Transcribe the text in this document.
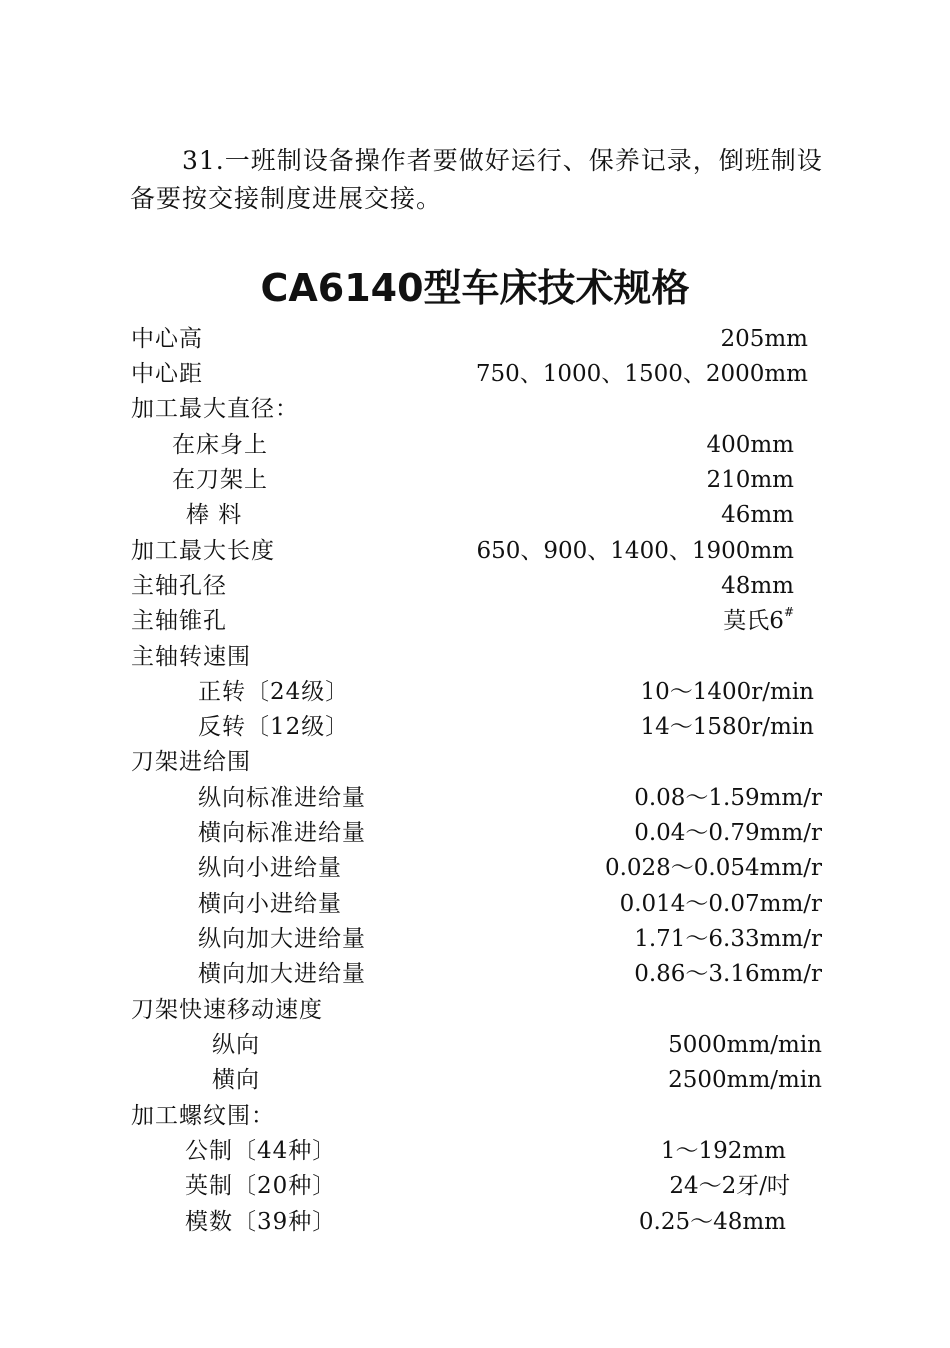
31.一班制设备操作者要做好运行、保养记录，倒班制设备要按交接制度进展交接。

CA6140型车床技术规格
中心高	205mm
中心距	750、1000、1500、2000mm
加工最大直径：
在床身上	400mm
在刀架上	210mm
棒 料	46mm
加工最大长度	650、900、1400、1900mm
主轴孔径	48mm
主轴锥孔	莫氏6#
主轴转速围
正转〔24级〕	10～1400r/min
反转〔12级〕	14～1580r/min
刀架进给围
纵向标准进给量	0.08～1.59mm/r
横向标准进给量	0.04～0.79mm/r
纵向小进给量	0.028～0.054mm/r
横向小进给量	0.014～0.07mm/r
纵向加大进给量	1.71～6.33mm/r
横向加大进给量	0.86～3.16mm/r
刀架快速移动速度
纵向	5000mm/min
横向	2500mm/min
加工螺纹围：
公制〔44种〕	1～192mm
英制〔20种〕	24～2牙/吋
模数〔39种〕	0.25～48mm
